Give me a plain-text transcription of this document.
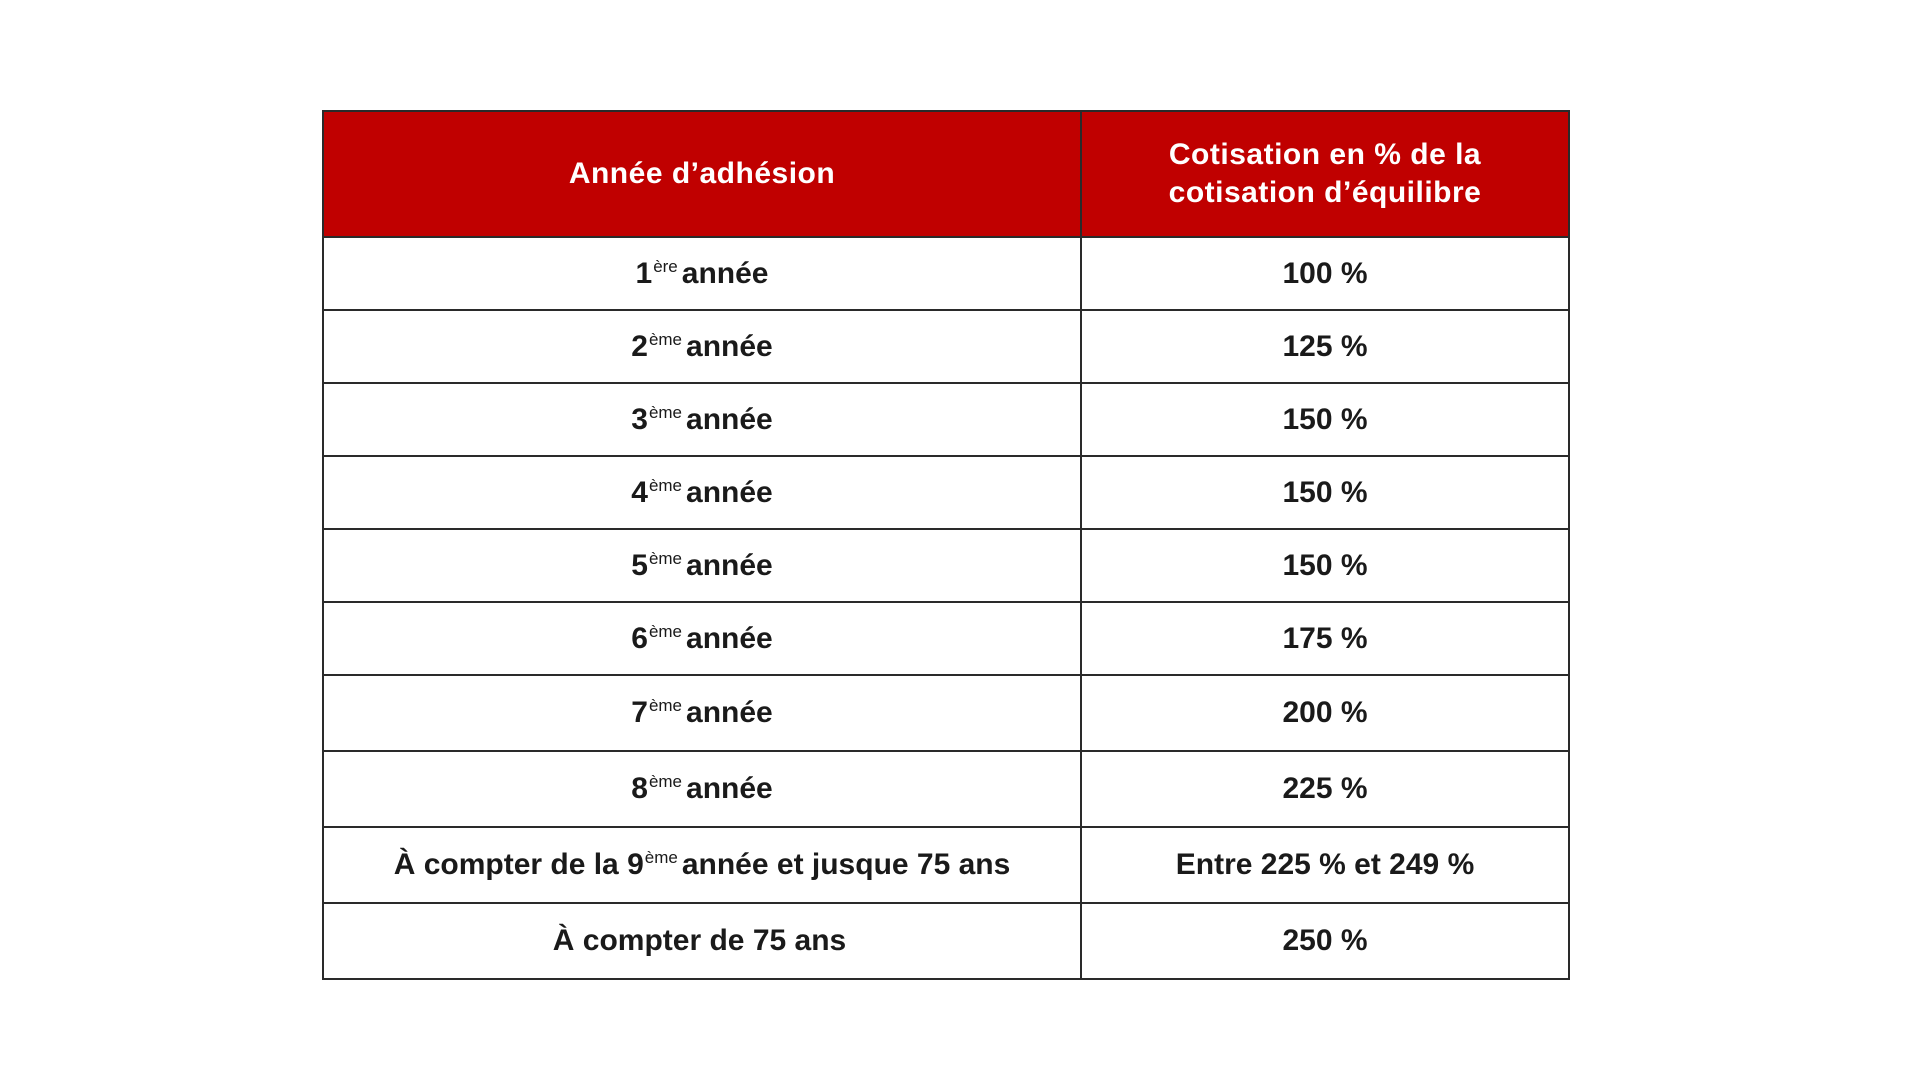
Année d’adhésion	Cotisation en % de la
cotisation d’équilibre

1ère année	100 %
2ème année	125 %
3ème année	150 %
4ème année	150 %
5ème année	150 %
6ème année	175 %
7ème année	200 %
8ème année	225 %
À compter de la 9ème année et jusque 75 ans	Entre 225 % et 249 %
À compter de 75 ans	250 %
